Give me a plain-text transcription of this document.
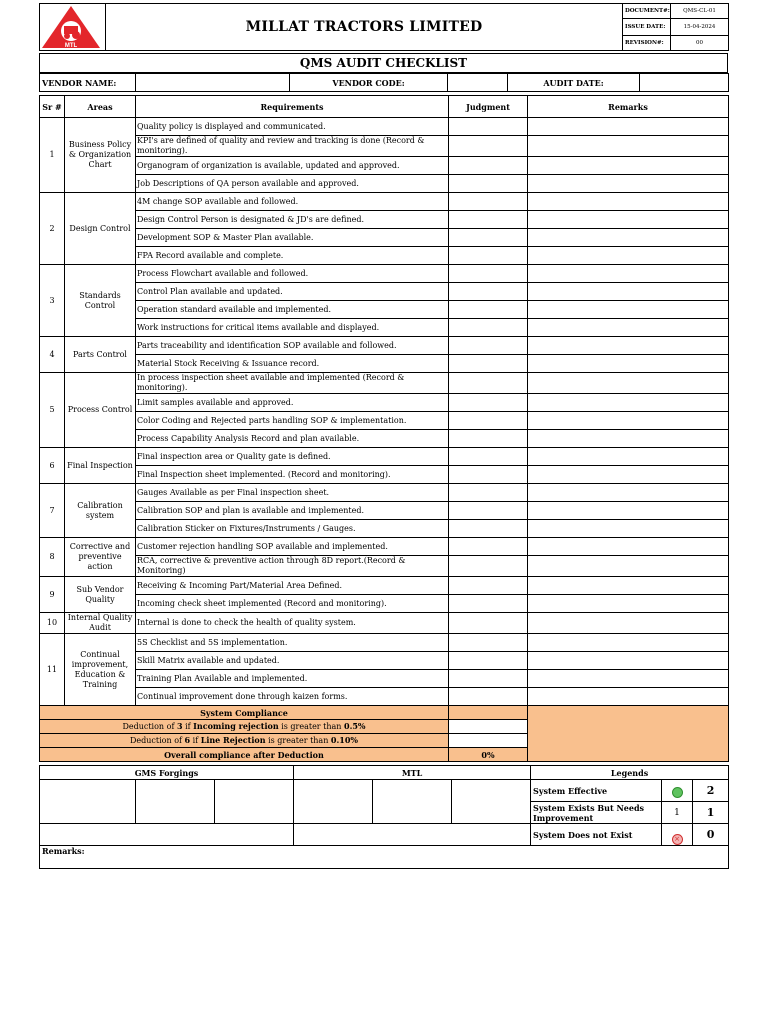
MTL	MILLAT TRACTORS LIMITED	DOCUMENT#:	QMS-CL-01
		ISSUE DATE:	15-04-2024
		REVISION#:	00
QMS AUDIT CHECKLIST
VENDOR NAME:		VENDOR CODE:		AUDIT DATE:	
Sr #	Areas	Requirements	Judgment	Remarks
1	Business Policy & Organization Chart	Quality policy is displayed and communicated.		
		KPI's are defined of quality and review and tracking is done (Record & monitoring).		
		Organogram of organization is available, updated and approved.		
		Job Descriptions of QA person available and approved.		
2	Design Control	4M change SOP available and followed.		
		Design Control Person is designated & JD's are defined.		
		Development SOP & Master Plan available.		
		FPA Record available and complete.		
3	Standards Control	Process Flowchart available and followed.		
		Control Plan available and updated.		
		Operation standard available and implemented.		
		Work instructions for critical items available and displayed.		
4	Parts Control	Parts traceability and identification SOP available and followed.		
		Material Stock Receiving & Issuance record.		
5	Process Control	In process inspection sheet available and implemented (Record & monitoring).		
		Limit samples available and approved.		
		Color Coding and Rejected parts handling SOP & implementation.		
		Process Capability Analysis Record and plan available.		
6	Final Inspection	Final inspection area or Quality gate is defined.		
		Final Inspection sheet implemented. (Record and monitoring).		
7	Calibration system	Gauges Available as per Final inspection sheet.		
		Calibration SOP and plan is available and implemented.		
		Calibration Sticker on Fixtures/Instruments / Gauges.		
8	Corrective and preventive action	Customer rejection handling SOP available and implemented.		
		RCA, corrective & preventive action through 8D report.(Record & Monitoring)		
9	Sub Vendor Quality	Receiving & Incoming Part/Material Area Defined.		
		Incoming check sheet implemented (Record and monitoring).		
10	Internal Quality Audit	Internal is done to check the health of quality system.		
11	Continual improvement, Education & Training	5S Checklist and 5S implementation.		
		Skill Matrix available and updated.		
		Training Plan Available and implemented.		
		Continual improvement done through kaizen forms.		
System Compliance				
Deduction of 3 if Incoming rejection is greater than 0.5%				
Deduction of 6 if Line Rejection is greater than 0.10%				
Overall compliance after Deduction			0%	
GMS Forgings			MTL			Legends		
						System Effective		2
						System Exists But Needs Improvement	1	1
						System Does not Exist	×	0
Remarks:								
